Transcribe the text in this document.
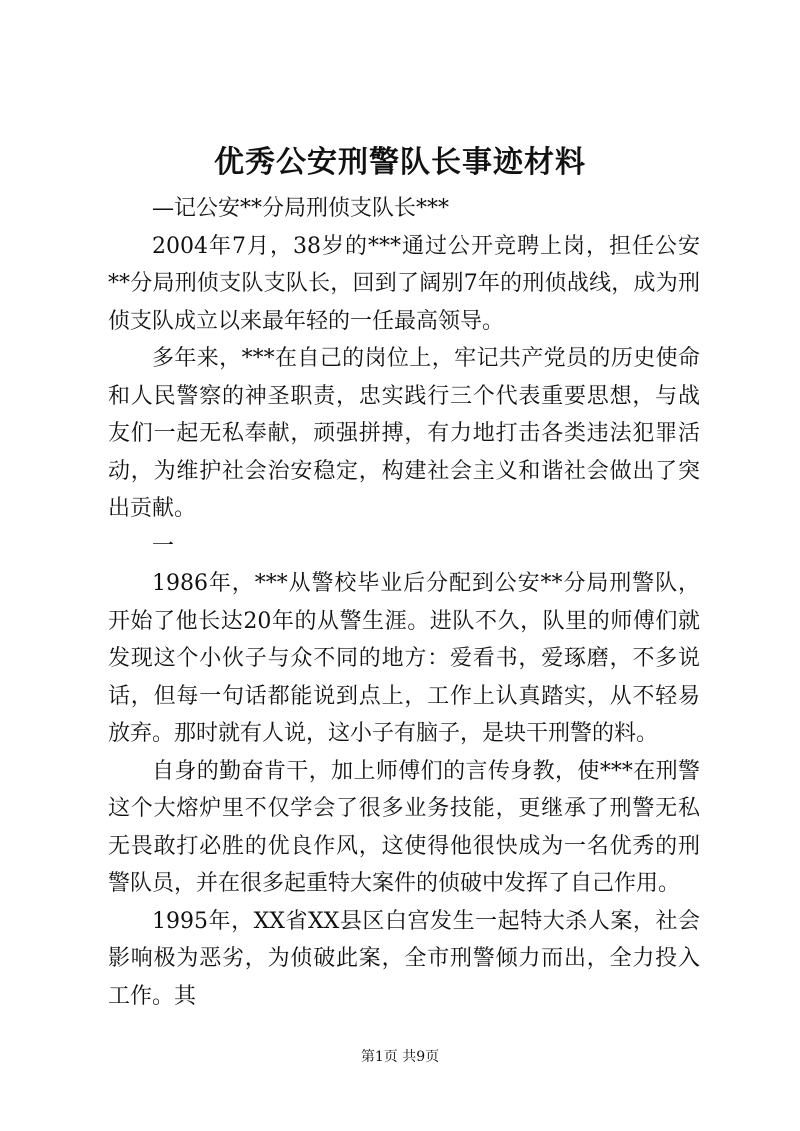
优秀公安刑警队长事迹材料

—记公安**分局刑侦支队长***

2004年7月，38岁的***通过公开竞聘上岗，担任公安**分局刑侦支队支队长，回到了阔别7年的刑侦战线，成为刑侦支队成立以来最年轻的一任最高领导。

多年来，***在自己的岗位上，牢记共产党员的历史使命和人民警察的神圣职责，忠实践行三个代表重要思想，与战友们一起无私奉献，顽强拼搏，有力地打击各类违法犯罪活动，为维护社会治安稳定，构建社会主义和谐社会做出了突出贡献。

一

1986年，***从警校毕业后分配到公安**分局刑警队，开始了他长达20年的从警生涯。进队不久，队里的师傅们就发现这个小伙子与众不同的地方：爱看书，爱琢磨，不多说话，但每一句话都能说到点上，工作上认真踏实，从不轻易放弃。那时就有人说，这小子有脑子，是块干刑警的料。

自身的勤奋肯干，加上师傅们的言传身教，使***在刑警这个大熔炉里不仅学会了很多业务技能，更继承了刑警无私无畏敢打必胜的优良作风，这使得他很快成为一名优秀的刑警队员，并在很多起重特大案件的侦破中发挥了自己作用。

1995年，XX省XX县区白宫发生一起特大杀人案，社会影响极为恶劣，为侦破此案，全市刑警倾力而出，全力投入工作。其

第1页 共9页
